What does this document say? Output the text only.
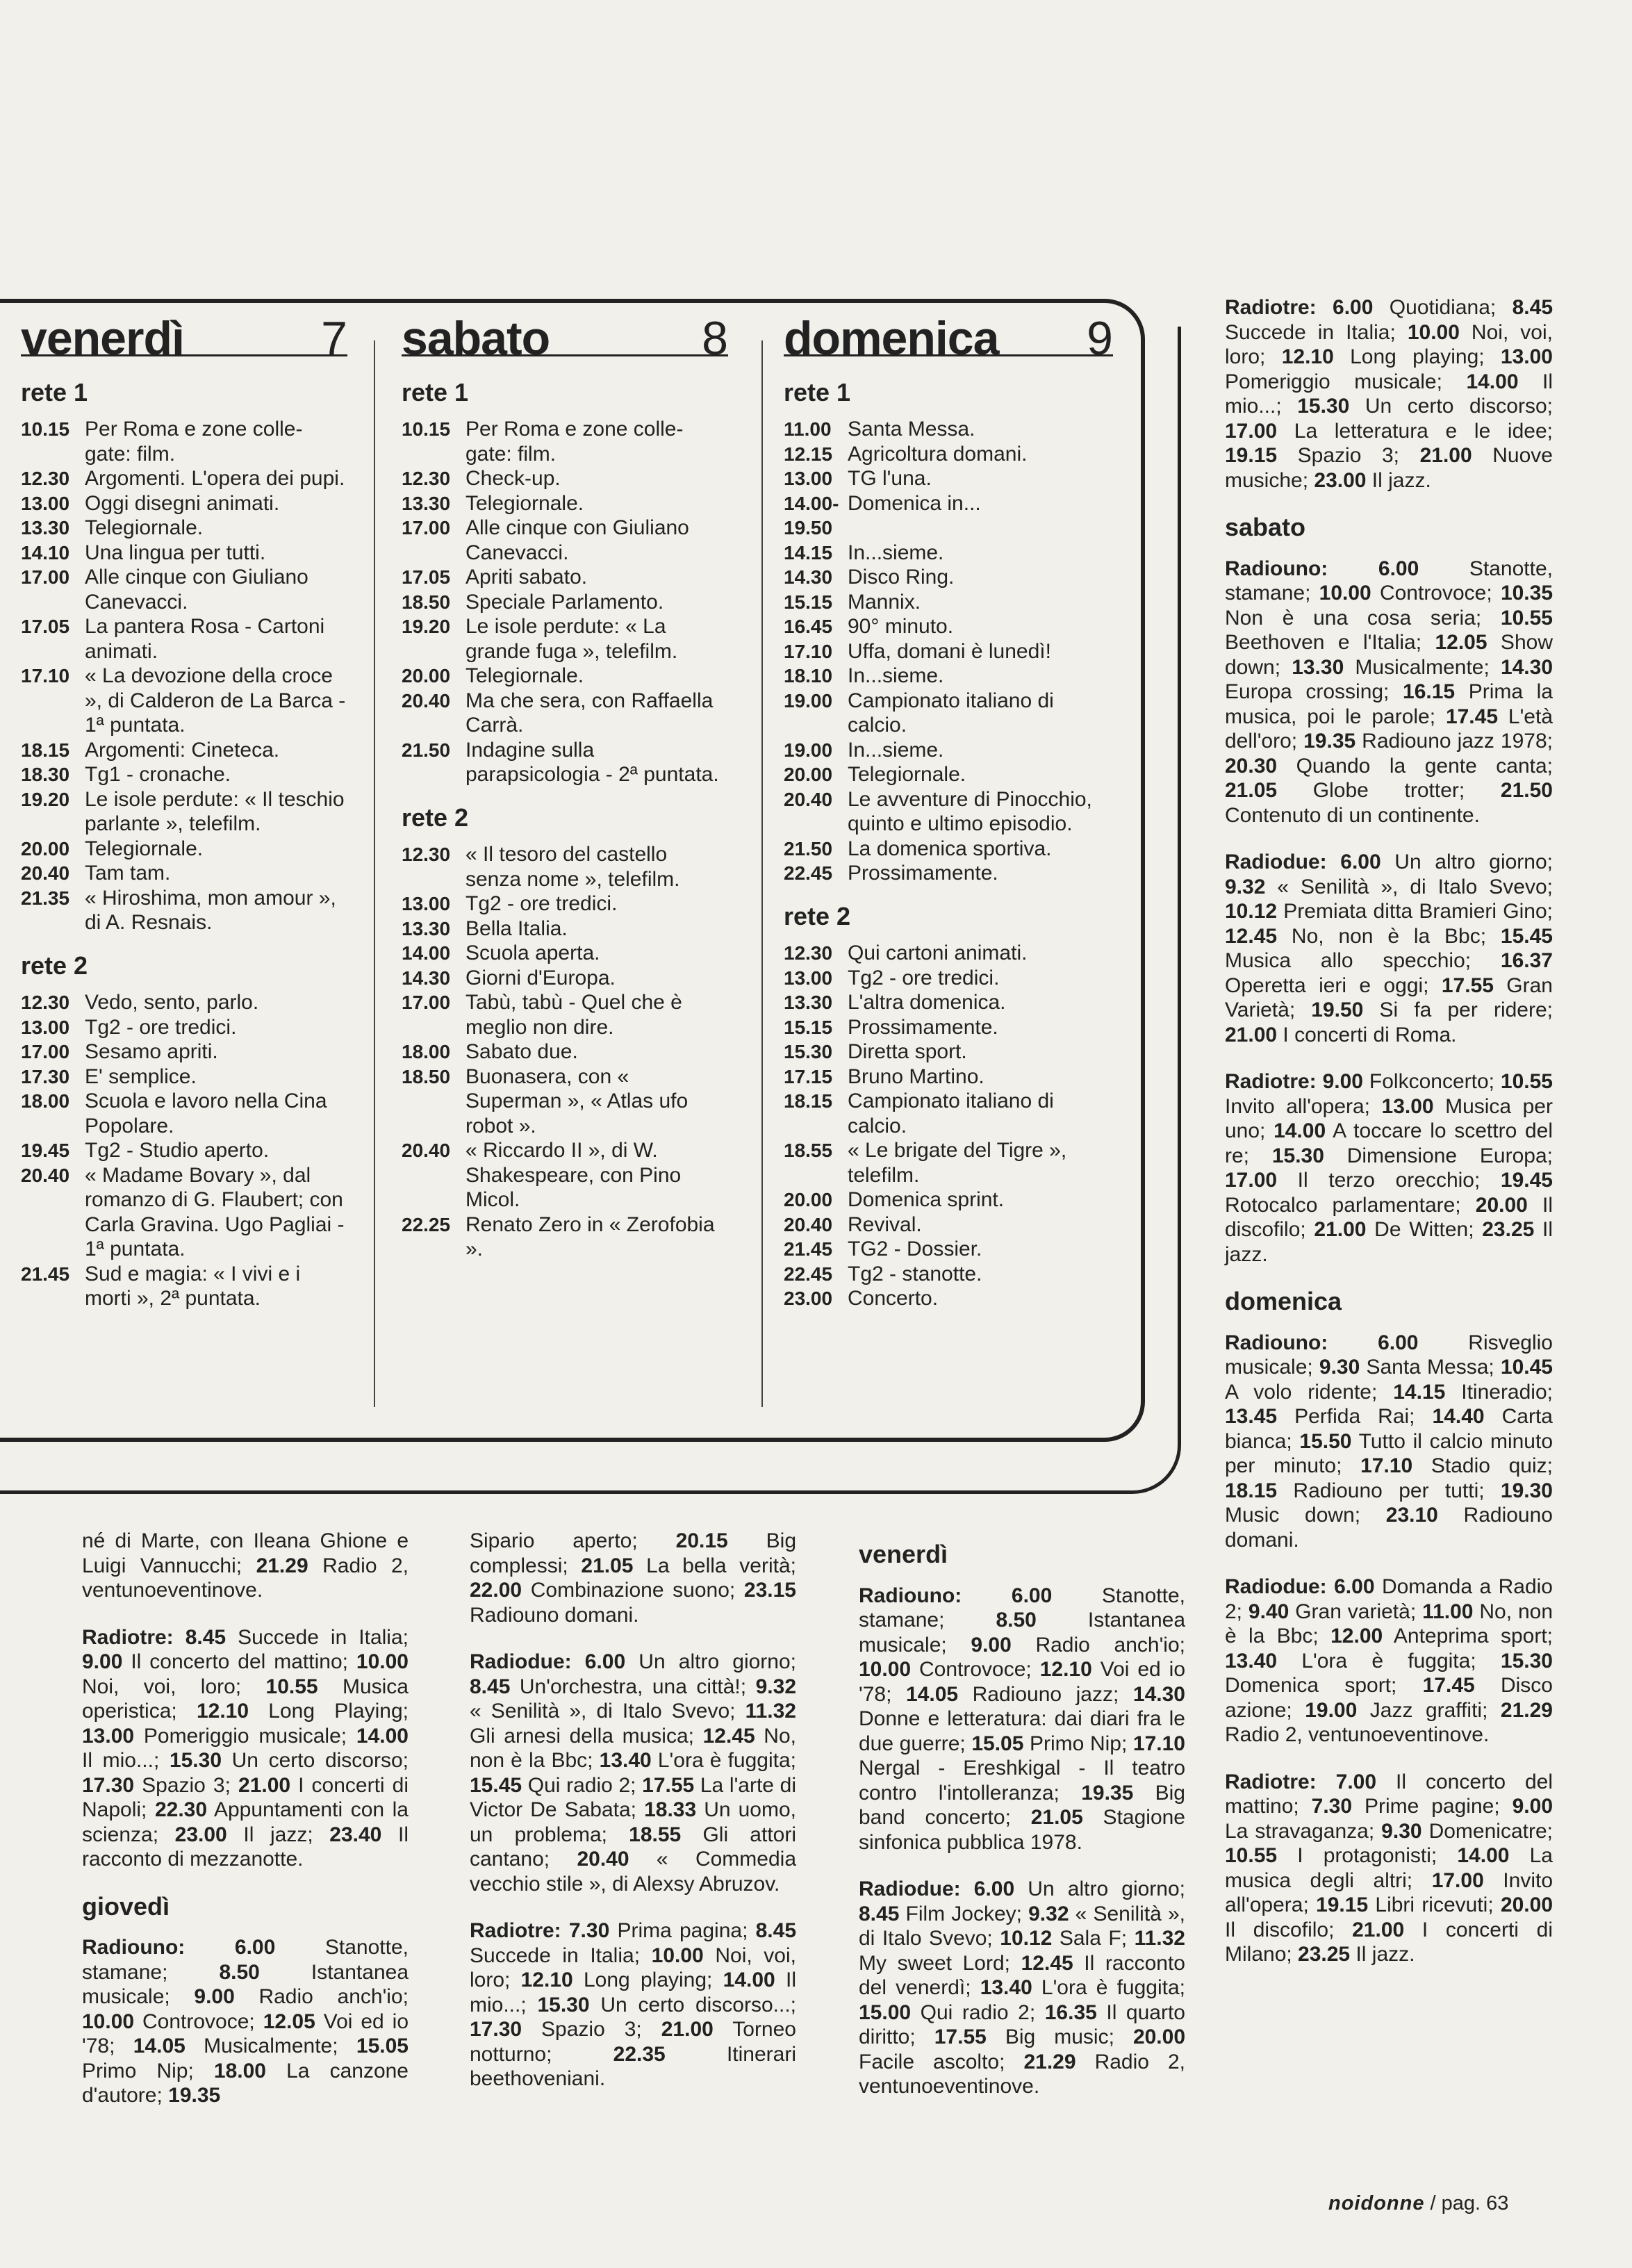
venerdì	7
rete 1
10.15 Per Roma e zone colle-gate: film.
12.30 Argomenti. L'opera dei pupi.
13.00 Oggi disegni animati.
13.30 Telegiornale.
14.10 Una lingua per tutti.
17.00 Alle cinque con Giuliano Canevacci.
17.05 La pantera Rosa - Cartoni animati.
17.10 « La devozione della croce », di Calderon de La Barca - 1ª puntata.
18.15 Argomenti: Cineteca.
18.30 Tg1 - cronache.
19.20 Le isole perdute: « Il teschio parlante », telefilm.
20.00 Telegiornale.
20.40 Tam tam.
21.35 « Hiroshima, mon amour », di A. Resnais.
rete 2
12.30 Vedo, sento, parlo.
13.00 Tg2 - ore tredici.
17.00 Sesamo apriti.
17.30 E' semplice.
18.00 Scuola e lavoro nella Cina Popolare.
19.45 Tg2 - Studio aperto.
20.40 « Madame Bovary », dal romanzo di G. Flaubert; con Carla Gravina. Ugo Pagliai - 1ª puntata.
21.45 Sud e magia: « I vivi e i morti », 2ª puntata.
sabato	8
rete 1
10.15 Per Roma e zone colle-gate: film.
12.30 Check-up.
13.30 Telegiornale.
17.00 Alle cinque con Giuliano Canevacci.
17.05 Apriti sabato.
18.50 Speciale Parlamento.
19.20 Le isole perdute: « La grande fuga », telefilm.
20.00 Telegiornale.
20.40 Ma che sera, con Raffaella Carrà.
21.50 Indagine sulla parapsicologia - 2ª puntata.
rete 2
12.30 « Il tesoro del castello senza nome », telefilm.
13.00 Tg2 - ore tredici.
13.30 Bella Italia.
14.00 Scuola aperta.
14.30 Giorni d'Europa.
17.00 Tabù, tabù - Quel che è meglio non dire.
18.00 Sabato due.
18.50 Buonasera, con « Superman », « Atlas ufo robot ».
20.40 « Riccardo II », di W. Shakespeare, con Pino Micol.
22.25 Renato Zero in « Zerofobia ».
domenica 9
rete 1
11.00 Santa Messa.
12.15 Agricoltura domani.
13.00 TG l'una.
14.00-19.50
Domenica in...
14.15 In...sieme.
14.30 Disco Ring.
15.15 Mannix.
16.45 90° minuto.
17.10 Uffa, domani è lunedì!
18.10 In...sieme.
19.00 Campionato italiano di calcio.
19.00 In...sieme.
20.00 Telegiornale.
20.40 Le avventure di Pinocchio, quinto e ultimo episodio.
21.50 La domenica sportiva.
22.45 Prossimamente.
rete 2
12.30 Qui cartoni animati.
13.00 Tg2 - ore tredici.
13.30 L'altra domenica.
15.15 Prossimamente.
15.30 Diretta sport.
17.15 Bruno Martino.
18.15 Campionato italiano di calcio.
18.55 « Le brigate del Tigre », telefilm.
20.00 Domenica sprint.
20.40 Revival.
21.45 TG2 - Dossier.
22.45 Tg2 - stanotte.
23.00 Concerto.

né di Marte, con Ileana Ghione e Luigi Vannucchi; 21.29 Radio 2, ventunoeventinove.

Radiotre: 8.45 Succede in Italia; 9.00 Il concerto del mattino; 10.00 Noi, voi, loro; 10.55 Musica operistica; 12.10 Long Playing; 13.00 Pomeriggio musicale; 14.00 Il mio...; 15.30 Un certo discorso; 17.30 Spazio 3; 21.00 I concerti di Napoli; 22.30 Appuntamenti con la scienza; 23.00 Il jazz; 23.40 Il racconto di mezzanotte.

giovedì

Radiouno: 6.00 Stanotte, stamane; 8.50 Istantanea musicale; 9.00 Radio anch'io; 10.00 Controvoce; 12.05 Voi ed io '78; 14.05 Musicalmente; 15.05 Primo Nip; 18.00 La canzone d'autore; 19.35

Sipario aperto; 20.15 Big complessi; 21.05 La bella verità; 22.00 Combinazione suono; 23.15 Radiouno domani.

Radiodue: 6.00 Un altro giorno; 8.45 Un'orchestra, una città!; 9.32 « Senilità », di Italo Svevo; 11.32 Gli arnesi della musica; 12.45 No, non è la Bbc; 13.40 L'ora è fuggita; 15.45 Qui radio 2; 17.55 La l'arte di Victor De Sabata; 18.33 Un uomo, un problema; 18.55 Gli attori cantano; 20.40 « Commedia vecchio stile », di Alexsy Abruzov.

Radiotre: 7.30 Prima pagina; 8.45 Succede in Italia; 10.00 Noi, voi, loro; 12.10 Long playing; 14.00 Il mio...; 15.30 Un certo discorso...; 17.30 Spazio 3; 21.00 Torneo notturno; 22.35 Itinerari beethoveniani.

venerdì

Radiouno: 6.00 Stanotte, stamane; 8.50 Istantanea musicale; 9.00 Radio anch'io; 10.00 Controvoce; 12.10 Voi ed io '78; 14.05 Radiouno jazz; 14.30 Donne e letteratura: dai diari fra le due guerre; 15.05 Primo Nip; 17.10 Nergal - Ereshkigal - Il teatro contro l'intolleranza; 19.35 Big band concerto; 21.05 Stagione sinfonica pubblica 1978.

Radiodue: 6.00 Un altro giorno; 8.45 Film Jockey; 9.32 « Senilità », di Italo Svevo; 10.12 Sala F; 11.32 My sweet Lord; 12.45 Il racconto del venerdì; 13.40 L'ora è fuggita; 15.00 Qui radio 2; 16.35 Il quarto diritto; 17.55 Big music; 20.00 Facile ascolto; 21.29 Radio 2, ventunoeventinove.

Radiotre: 6.00 Quotidiana; 8.45 Succede in Italia; 10.00 Noi, voi, loro; 12.10 Long playing; 13.00 Pomeriggio musicale; 14.00 Il mio...; 15.30 Un certo discorso; 17.00 La letteratura e le idee; 19.15 Spazio 3; 21.00 Nuove musiche; 23.00 Il jazz.

sabato

Radiouno: 6.00 Stanotte, stamane; 10.00 Controvoce; 10.35 Non è una cosa seria; 10.55 Beethoven e l'Italia; 12.05 Show down; 13.30 Musicalmente; 14.30 Europa crossing; 16.15 Prima la musica, poi le parole; 17.45 L'età dell'oro; 19.35 Radiouno jazz 1978; 20.30 Quando la gente canta; 21.05 Globe trotter; 21.50 Contenuto di un continente.

Radiodue: 6.00 Un altro giorno; 9.32 « Senilità », di Italo Svevo; 10.12 Premiata ditta Bramieri Gino; 12.45 No, non è la Bbc; 15.45 Musica allo specchio; 16.37 Operetta ieri e oggi; 17.55 Gran Varietà; 19.50 Si fa per ridere; 21.00 I concerti di Roma.

Radiotre: 9.00 Folkconcerto; 10.55 Invito all'opera; 13.00 Musica per uno; 14.00 A toccare lo scettro del re; 15.30 Dimensione Europa; 17.00 Il terzo orecchio; 19.45 Rotocalco parlamentare; 20.00 Il discofilo; 21.00 De Witten; 23.25 Il jazz.

domenica

Radiouno: 6.00 Risveglio musicale; 9.30 Santa Messa; 10.45 A volo ridente; 14.15 Itineradio; 13.45 Perfida Rai; 14.40 Carta bianca; 15.50 Tutto il calcio minuto per minuto; 17.10 Stadio quiz; 18.15 Radiouno per tutti; 19.30 Music down; 23.10 Radiouno domani.

Radiodue: 6.00 Domanda a Radio 2; 9.40 Gran varietà; 11.00 No, non è la Bbc; 12.00 Anteprima sport; 13.40 L'ora è fuggita; 15.30 Domenica sport; 17.45 Disco azione; 19.00 Jazz graffiti; 21.29 Radio 2, ventunoeventinove.

Radiotre: 7.00 Il concerto del mattino; 7.30 Prime pagine; 9.00 La stravaganza; 9.30 Domenicatre; 10.55 I protagonisti; 14.00 La musica degli altri; 17.00 Invito all'opera; 19.15 Libri ricevuti; 20.00 Il discofilo; 21.00 I concerti di Milano; 23.25 Il jazz.

noidonne / pag. 63
